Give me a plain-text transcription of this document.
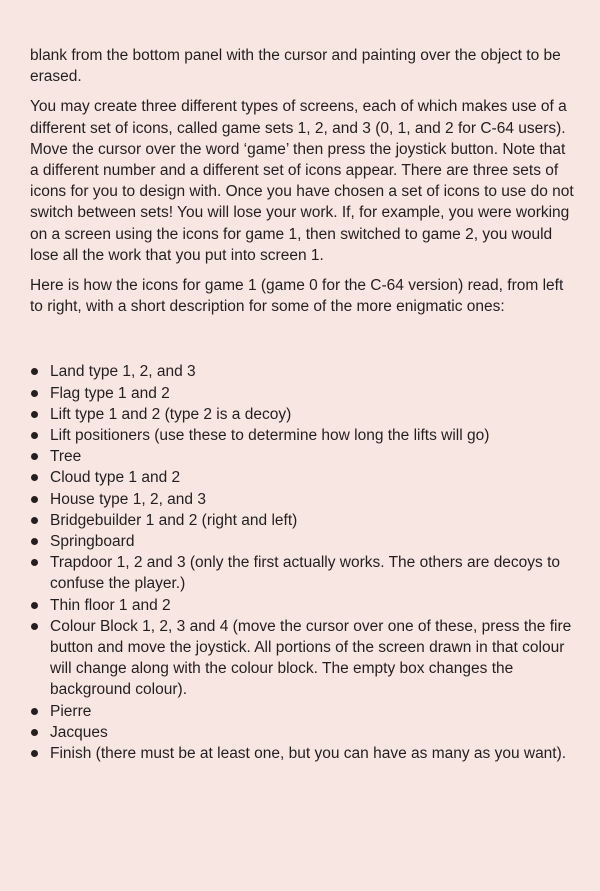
blank from the bottom panel with the cursor and painting over the object to be erased.

You may create three different types of screens, each of which makes use of a different set of icons, called game sets 1, 2, and 3 (0, 1, and 2 for C-64 users). Move the cursor over the word ‘game’ then press the joystick button. Note that a different number and a different set of icons appear. There are three sets of icons for you to design with. Once you have chosen a set of icons to use do not switch between sets! You will lose your work. If, for example, you were working on a screen using the icons for game 1, then switched to game 2, you would lose all the work that you put into screen 1.

Here is how the icons for game 1 (game 0 for the C-64 version) read, from left to right, with a short description for some of the more enigmatic ones:

Land type 1, 2, and 3
Flag type 1 and 2
Lift type 1 and 2 (type 2 is a decoy)
Lift positioners (use these to determine how long the lifts will go)
Tree
Cloud type 1 and 2
House type 1, 2, and 3
Bridgebuilder 1 and 2 (right and left)
Springboard
Trapdoor 1, 2 and 3 (only the first actually works. The others are decoys to confuse the player.)
Thin floor 1 and 2
Colour Block 1, 2, 3 and 4 (move the cursor over one of these, press the fire button and move the joystick. All portions of the screen drawn in that colour will change along with the colour block. The empty box changes the background colour).
Pierre
Jacques
Finish (there must be at least one, but you can have as many as you want).
